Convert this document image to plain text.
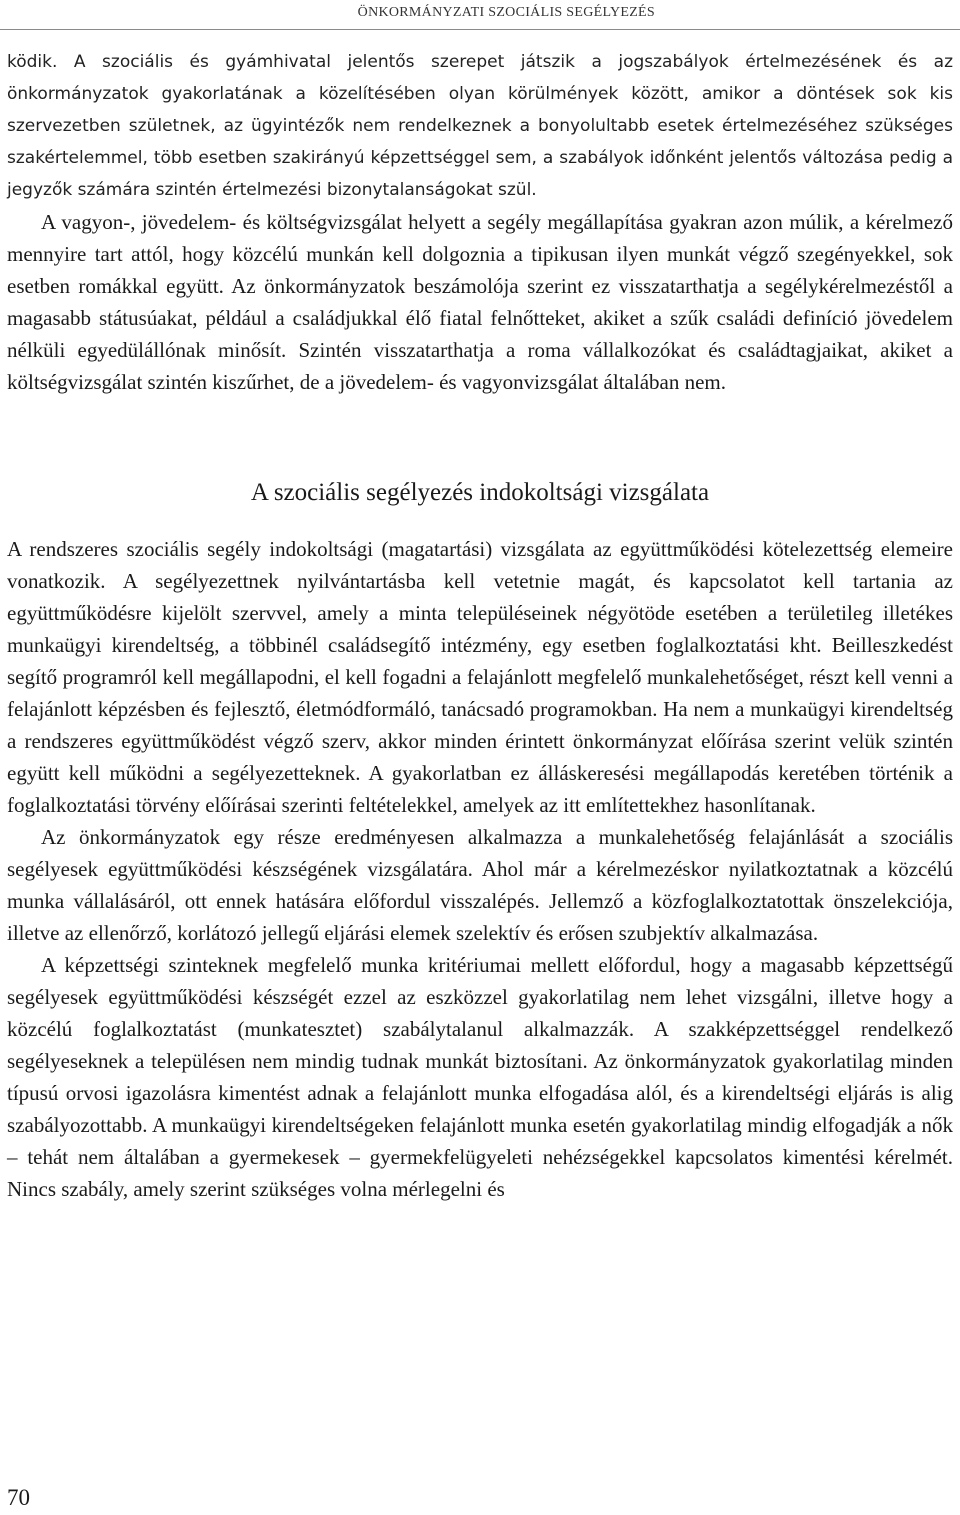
ÖNKORMÁNYZATI SZOCIÁLIS SEGÉLYEZÉS

ködik. A szociális és gyámhivatal jelentős szerepet játszik a jogszabályok értelmezésének és az önkormányzatok gyakorlatának a közelítésében olyan körülmények között, amikor a döntések sok kis szervezetben születnek, az ügyintézők nem rendelkeznek a bonyolultabb esetek értelmezéséhez szükséges szakértelemmel, több esetben szakirányú képzettséggel sem, a szabályok időnként jelentős változása pedig a jegyzők számára szintén értelmezési bizonytalanságokat szül.

A vagyon-, jövedelem- és költségvizsgálat helyett a segély megállapítása gyakran azon múlik, a kérelmező mennyire tart attól, hogy közcélú munkán kell dolgoznia a tipikusan ilyen munkát végző szegényekkel, sok esetben romákkal együtt. Az önkormányzatok beszámolója szerint ez visszatarthatja a segélykérelmezéstől a magasabb státusúakat, például a családjukkal élő fiatal felnőtteket, akiket a szűk családi definíció jövedelem nélküli egyedülállónak minősít. Szintén visszatarthatja a roma vállalkozókat és családtagjaikat, akiket a költségvizsgálat szintén kiszűrhet, de a jövedelem- és vagyonvizsgálat általában nem.

A szociális segélyezés indokoltsági vizsgálata

A rendszeres szociális segély indokoltsági (magatartási) vizsgálata az együttműködési kötelezettség elemeire vonatkozik. A segélyezettnek nyilvántartásba kell vetetnie magát, és kapcsolatot kell tartania az együttműködésre kijelölt szervvel, amely a minta településeinek négyötöde esetében a területileg illetékes munkaügyi kirendeltség, a többinél családsegítő intézmény, egy esetben foglalkoztatási kht. Beilleszkedést segítő programról kell megállapodni, el kell fogadni a felajánlott megfelelő munkalehetőséget, részt kell venni a felajánlott képzésben és fejlesztő, életmódformáló, tanácsadó programokban. Ha nem a munkaügyi kirendeltség a rendszeres együttműködést végző szerv, akkor minden érintett önkormányzat előírása szerint velük szintén együtt kell működni a segélyezetteknek. A gyakorlatban ez álláskeresési megállapodás keretében történik a foglalkoztatási törvény előírásai szerinti feltételekkel, amelyek az itt említettekhez hasonlítanak.

Az önkormányzatok egy része eredményesen alkalmazza a munkalehetőség felajánlását a szociális segélyesek együttműködési készségének vizsgálatára. Ahol már a kérelmezéskor nyilatkoztatnak a közcélú munka vállalásáról, ott ennek hatására előfordul visszalépés. Jellemző a közfoglalkoztatottak önszelekciója, illetve az ellenőrző, korlátozó jellegű eljárási elemek szelektív és erősen szubjektív alkalmazása.

A képzettségi szinteknek megfelelő munka kritériumai mellett előfordul, hogy a magasabb képzettségű segélyesek együttműködési készségét ezzel az eszközzel gyakorlatilag nem lehet vizsgálni, illetve hogy a közcélú foglalkoztatást (munkatesztet) szabálytalanul alkalmazzák. A szakképzettséggel rendelkező segélyeseknek a településen nem mindig tudnak munkát biztosítani. Az önkormányzatok gyakorlatilag minden típusú orvosi igazolásra kimentést adnak a felajánlott munka elfogadása alól, és a kirendeltségi eljárás is alig szabályozottabb. A munkaügyi kirendeltségeken felajánlott munka esetén gyakorlatilag mindig elfogadják a nők – tehát nem általában a gyermekesek – gyermekfelügyeleti nehézségekkel kapcsolatos kimentési kérelmét. Nincs szabály, amely szerint szükséges volna mérlegelni és

70
